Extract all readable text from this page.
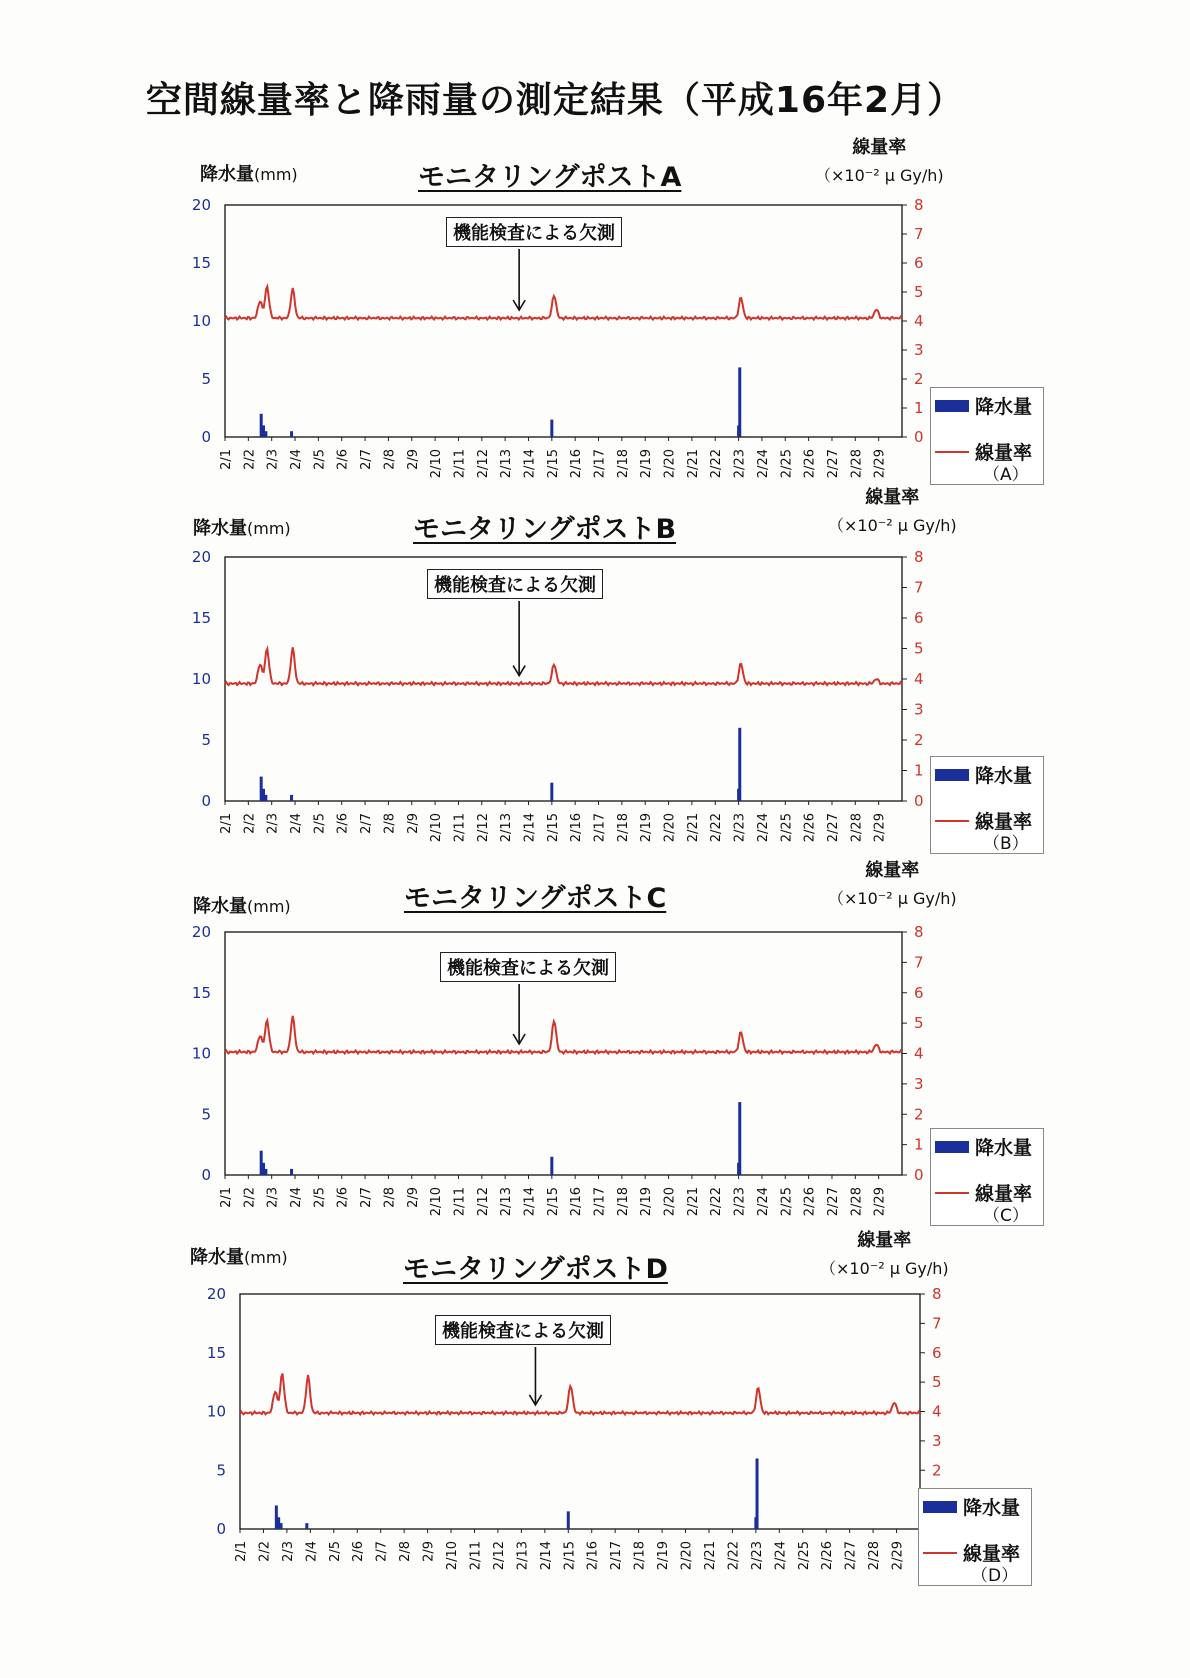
空間線量率と降雨量の測定結果（平成16年2月）
モニタリングポストA
降水量(mm)
線量率
（×10⁻² μ Gy/h)
0
5
10
15
20
0
1
2
3
4
5
6
7
8
2/1 2/2 2/3 2/4 2/5 2/6 2/7 2/8 2/9 2/10 2/11 2/12 2/13 2/14 2/15 2/16 2/17 2/18 2/19 2/20 2/21 2/22 2/23 2/24 2/25 2/26 2/27 2/28 2/29
機能検査による欠測
降水量
線量率
（A）
モニタリングポストB
降水量(mm)
線量率
（×10⁻² μ Gy/h)
0
5
10
15
20
0
1
2
3
4
5
6
7
8
2/1 2/2 2/3 2/4 2/5 2/6 2/7 2/8 2/9 2/10 2/11 2/12 2/13 2/14 2/15 2/16 2/17 2/18 2/19 2/20 2/21 2/22 2/23 2/24 2/25 2/26 2/27 2/28 2/29
機能検査による欠測
降水量
線量率
（B）
モニタリングポストC
降水量(mm)
線量率
（×10⁻² μ Gy/h)
0
5
10
15
20
0
1
2
3
4
5
6
7
8
2/1 2/2 2/3 2/4 2/5 2/6 2/7 2/8 2/9 2/10 2/11 2/12 2/13 2/14 2/15 2/16 2/17 2/18 2/19 2/20 2/21 2/22 2/23 2/24 2/25 2/26 2/27 2/28 2/29
機能検査による欠測
降水量
線量率
（C）
モニタリングポストD
降水量(mm)
線量率
（×10⁻² μ Gy/h)
0
5
10
15
20
2
3
4
5
6
7
8
2/1 2/2 2/3 2/4 2/5 2/6 2/7 2/8 2/9 2/10 2/11 2/12 2/13 2/14 2/15 2/16 2/17 2/18 2/19 2/20 2/21 2/22 2/23 2/24 2/25 2/26 2/27 2/28 2/29
機能検査による欠測
降水量
線量率
（D）
